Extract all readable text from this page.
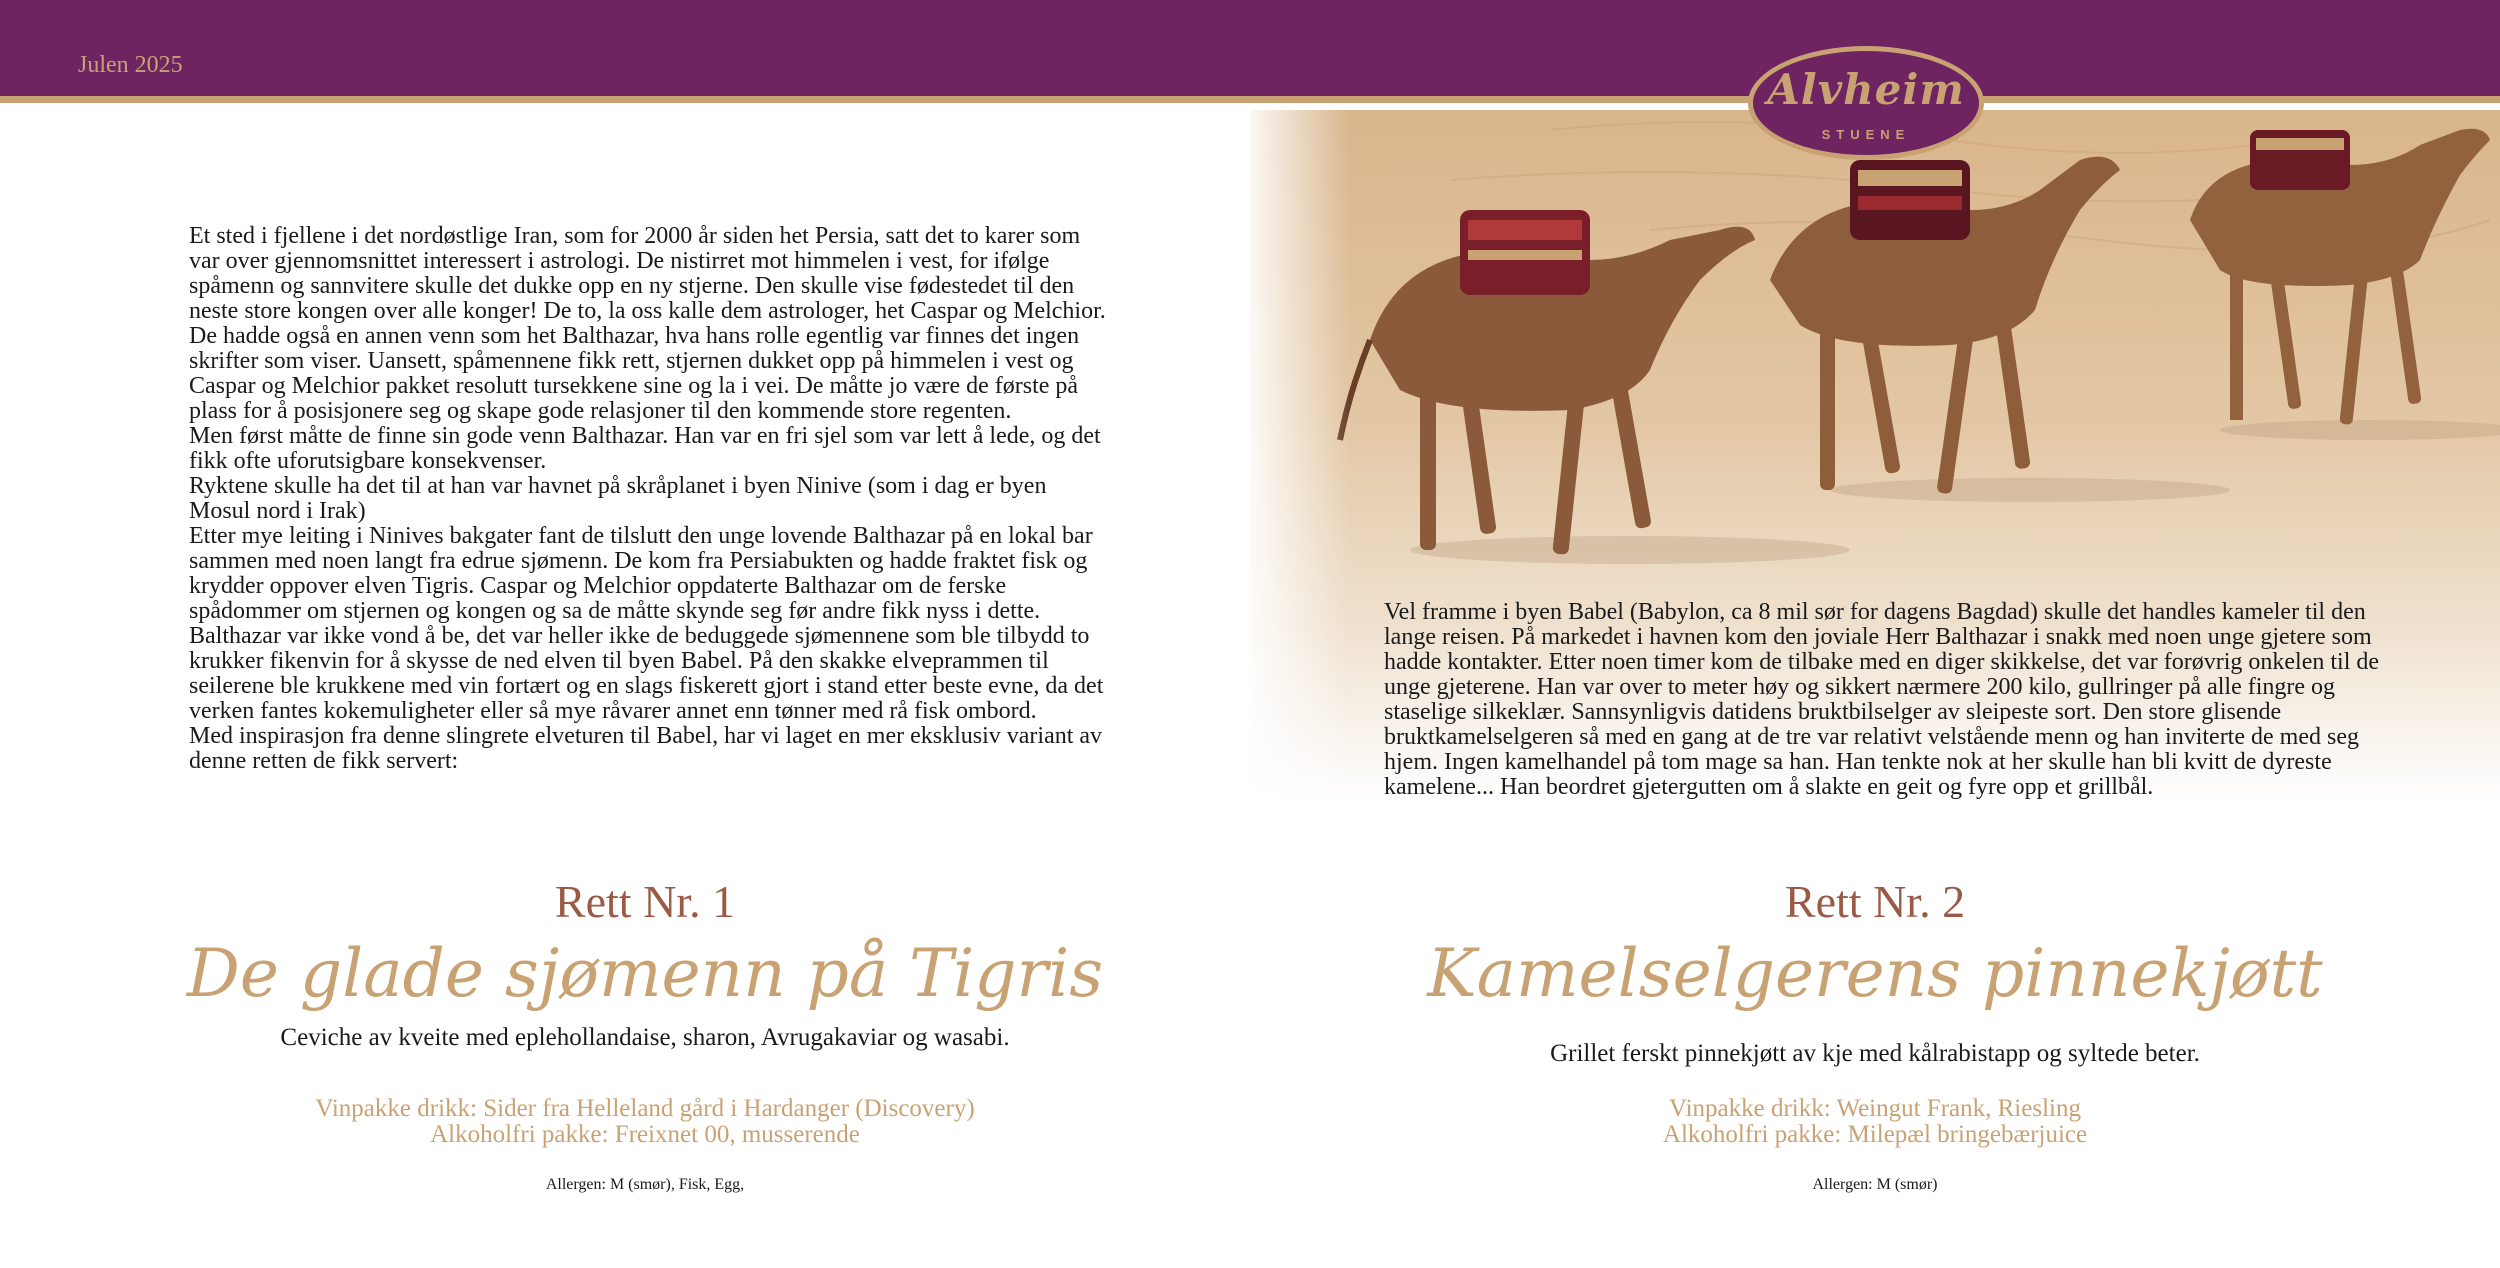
Julen 2025	Alvheim
STUENE

Et sted i fjellene i det nordøstlige Iran, som for 2000 år siden het Persia, satt det to karer som var over gjennomsnittet interessert i astrologi. De nistirret mot himmelen i vest, for ifølge spåmenn og sannvitere skulle det dukke opp en ny stjerne. Den skulle vise fødestedet til den neste store kongen over alle konger! De to, la oss kalle dem astrologer, het Caspar og Melchior. De hadde også en annen venn som het Balthazar, hva hans rolle egentlig var finnes det ingen skrifter som viser. Uansett, spåmennene fikk rett, stjernen dukket opp på himmelen i vest og Caspar og Melchior pakket resolutt tursekkene sine og la i vei. De måtte jo være de første på plass for å posisjonere seg og skape gode relasjoner til den kommende store regenten.

Men først måtte de finne sin gode venn Balthazar. Han var en fri sjel som var lett å lede, og det fikk ofte uforutsigbare konsekvenser.

Ryktene skulle ha det til at han var havnet på skråplanet i byen Ninive (som i dag er byen Mosul nord i Irak)

Etter mye leiting i Ninives bakgater fant de tilslutt den unge lovende Balthazar på en lokal bar sammen med noen langt fra edrue sjømenn. De kom fra Persiabukten og hadde fraktet fisk og krydder oppover elven Tigris. Caspar og Melchior oppdaterte Balthazar om de ferske spådommer om stjernen og kongen og sa de måtte skynde seg før andre fikk nyss i dette. Balthazar var ikke vond å be, det var heller ikke de beduggede sjømennene som ble tilbydd to krukker fikenvin for å skysse de ned elven til byen Babel. På den skakke elveprammen til seilerene ble krukkene med vin fortært og en slags fiskerett gjort i stand etter beste evne, da det verken fantes kokemuligheter eller så mye råvarer annet enn tønner med rå fisk ombord.

Med inspirasjon fra denne slingrete elveturen til Babel, har vi laget en mer eksklusiv variant av denne retten de fikk servert:

Vel framme i byen Babel (Babylon, ca 8 mil sør for dagens Bagdad) skulle det handles kameler til den lange reisen. På markedet i havnen kom den joviale Herr Balthazar i snakk med noen unge gjetere som hadde kontakter. Etter noen timer kom de tilbake med en diger skikkelse, det var forøvrig onkelen til de unge gjeterene. Han var over to meter høy og sikkert nærmere 200 kilo, gullringer på alle fingre og staselige silkeklær. Sannsynligvis datidens bruktbilselger av sleipeste sort. Den store glisende bruktkamelselgeren så med en gang at de tre var relativt velstående menn og han inviterte de med seg hjem. Ingen kamelhandel på tom mage sa han. Han tenkte nok at her skulle han bli kvitt de dyreste kamelene... Han beordret gjetergutten om å slakte en geit og fyre opp et grillbål.

Rett Nr. 1
De glade sjømenn på Tigris
Ceviche av kveite med eplehollandaise, sharon, Avrugakaviar og wasabi.
Vinpakke drikk: Sider fra Helleland gård i Hardanger (Discovery)
Alkoholfri pakke: Freixnet 00, musserende
Allergen: M (smør), Fisk, Egg,
Rett Nr. 2
Kamelselgerens pinnekjøtt
Grillet ferskt pinnekjøtt av kje med kålrabistapp og syltede beter.
Vinpakke drikk: Weingut Frank, Riesling
Alkoholfri pakke: Milepæl bringebærjuice
Allergen: M (smør)
